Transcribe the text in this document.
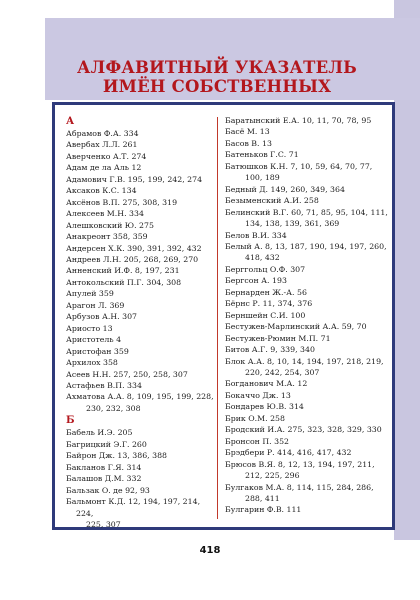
АЛФАВИТНЫЙ УКАЗАТЕЛЬ
ИМЁН СОБСТВЕННЫХ
А
Абрамов Ф.А. 334
Авербах Л.Л. 261
Аверченко А.Т. 274
Адам де ла Аль 12
Адамович Г.В. 195, 199, 242, 274
Аксаков К.С. 134
Аксёнов В.П. 275, 308, 319
Алексеев М.Н. 334
Алешковский Ю. 275
Анакреонт 358, 359
Андерсен Х.К. 390, 391, 392, 432
Андреев Л.Н. 205, 268, 269, 270
Анненский И.Ф. 8, 197, 231
Антокольский П.Г. 304, 308
Апулей 359
Арагон Л. 369
Арбузов А.Н. 307
Ариосто 13
Аристотель 4
Аристофан 359
Архилох 358
Асеев Н.Н. 257, 250, 258, 307
Астафьев В.П. 334
Ахматова А.А. 8, 109, 195, 199, 228,
230, 232, 308
Б
Бабель И.Э. 205
Багрицкий Э.Г. 260
Байрон Дж. 13, 386, 388
Бакланов Г.Я. 314
Балашов Д.М. 332
Бальзак О. де 92, 93
Бальмонт К.Д. 12, 194, 197, 214, 224,
225, 307
Баратынский Е.А. 10, 11, 70, 78, 95
Басё М. 13
Басов В. 13
Батеньков Г.С. 71
Батюшков К.Н. 7, 10, 59, 64, 70, 77,
100, 189
Бедный Д. 149, 260, 349, 364
Безыменский А.И. 258
Белинский В.Г. 60, 71, 85, 95, 104, 111,
134, 138, 139, 361, 369
Белов В.И. 334
Белый А. 8, 13, 187, 190, 194, 197, 260,
418, 432
Берггольц О.Ф. 307
Бергсон А. 193
Бернарден Ж.-А. 56
Бёрнс Р. 11, 374, 376
Берншейн С.И. 100
Бестужев-Марлинский А.А. 59, 70
Бестужев-Рюмин М.П. 71
Битов А.Г. 9, 339, 340
Блок А.А. 8, 10, 14, 194, 197, 218, 219,
220, 242, 254, 307
Богданович М.А. 12
Бокаччо Дж. 13
Бондарев Ю.В. 314
Брик О.М. 258
Бродский И.А. 275, 323, 328, 329, 330
Бронсон П. 352
Брэдбери Р. 414, 416, 417, 432
Брюсов В.Я. 8, 12, 13, 194, 197, 211,
212, 225, 296
Булгаков М.А. 8, 114, 115, 284, 286,
288, 411
Булгарин Ф.В. 111
418
